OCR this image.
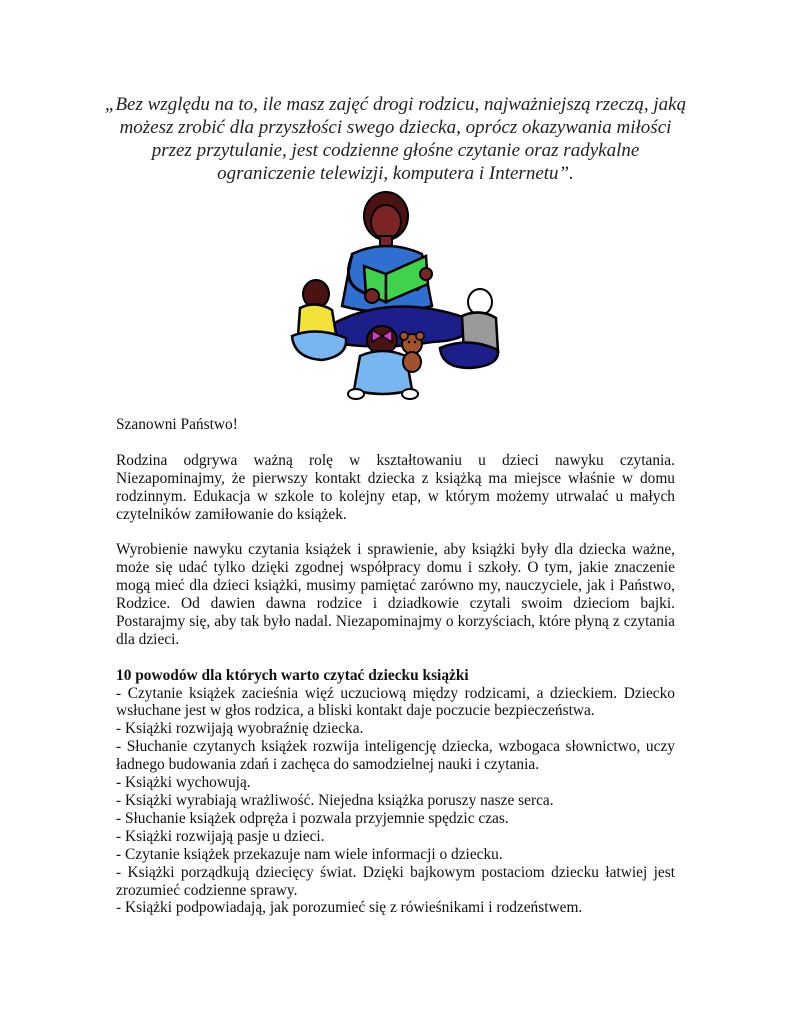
„Bez względu na to, ile masz zajęć drogi rodzicu, najważniejszą rzeczą, jaką
możesz zrobić dla przyszłości swego dziecka, oprócz okazywania miłości
przez przytulanie, jest codzienne głośne czytanie oraz radykalne
ograniczenie telewizji, komputera i Internetu”.

Szanowni Państwo!

Rodzina odgrywa ważną rolę w kształtowaniu u dzieci nawyku czytania. Niezapominajmy, że pierwszy kontakt dziecka z książką ma miejsce właśnie w domu rodzinnym. Edukacja w szkole to kolejny etap, w którym możemy utrwalać u małych czytelników zamiłowanie do książek.

Wyrobienie nawyku czytania książek i sprawienie, aby książki były dla dziecka ważne, może się udać tylko dzięki zgodnej współpracy domu i szkoły. O tym, jakie znaczenie mogą mieć dla dzieci książki, musimy pamiętać zarówno my, nauczyciele, jak i Państwo, Rodzice. Od dawien dawna rodzice i dziadkowie czytali swoim dzieciom bajki. Postarajmy się, aby tak było nadal. Niezapominajmy o korzyściach, które płyną z czytania dla dzieci.

10 powodów dla których warto czytać dziecku książki

- Czytanie książek zacieśnia więź uczuciową między rodzicami, a dzieckiem. Dziecko wsłuchane jest w głos rodzica, a bliski kontakt daje poczucie bezpieczeństwa.

- Książki rozwijają wyobraźnię dziecka.

- Słuchanie czytanych książek rozwija inteligencję dziecka, wzbogaca słownictwo, uczy ładnego budowania zdań i zachęca do samodzielnej nauki i czytania.

- Książki wychowują.

- Książki wyrabiają wrażliwość. Niejedna książka poruszy nasze serca.

- Słuchanie książek odpręża i pozwala przyjemnie spędzic czas.

- Książki rozwijają pasje u dzieci.

- Czytanie książek przekazuje nam wiele informacji o dziecku.

- Książki porządkują dziecięcy świat. Dzięki bajkowym postaciom dziecku łatwiej jest zrozumieć codzienne sprawy.

- Książki podpowiadają, jak porozumieć się z rówieśnikami i rodzeństwem.
